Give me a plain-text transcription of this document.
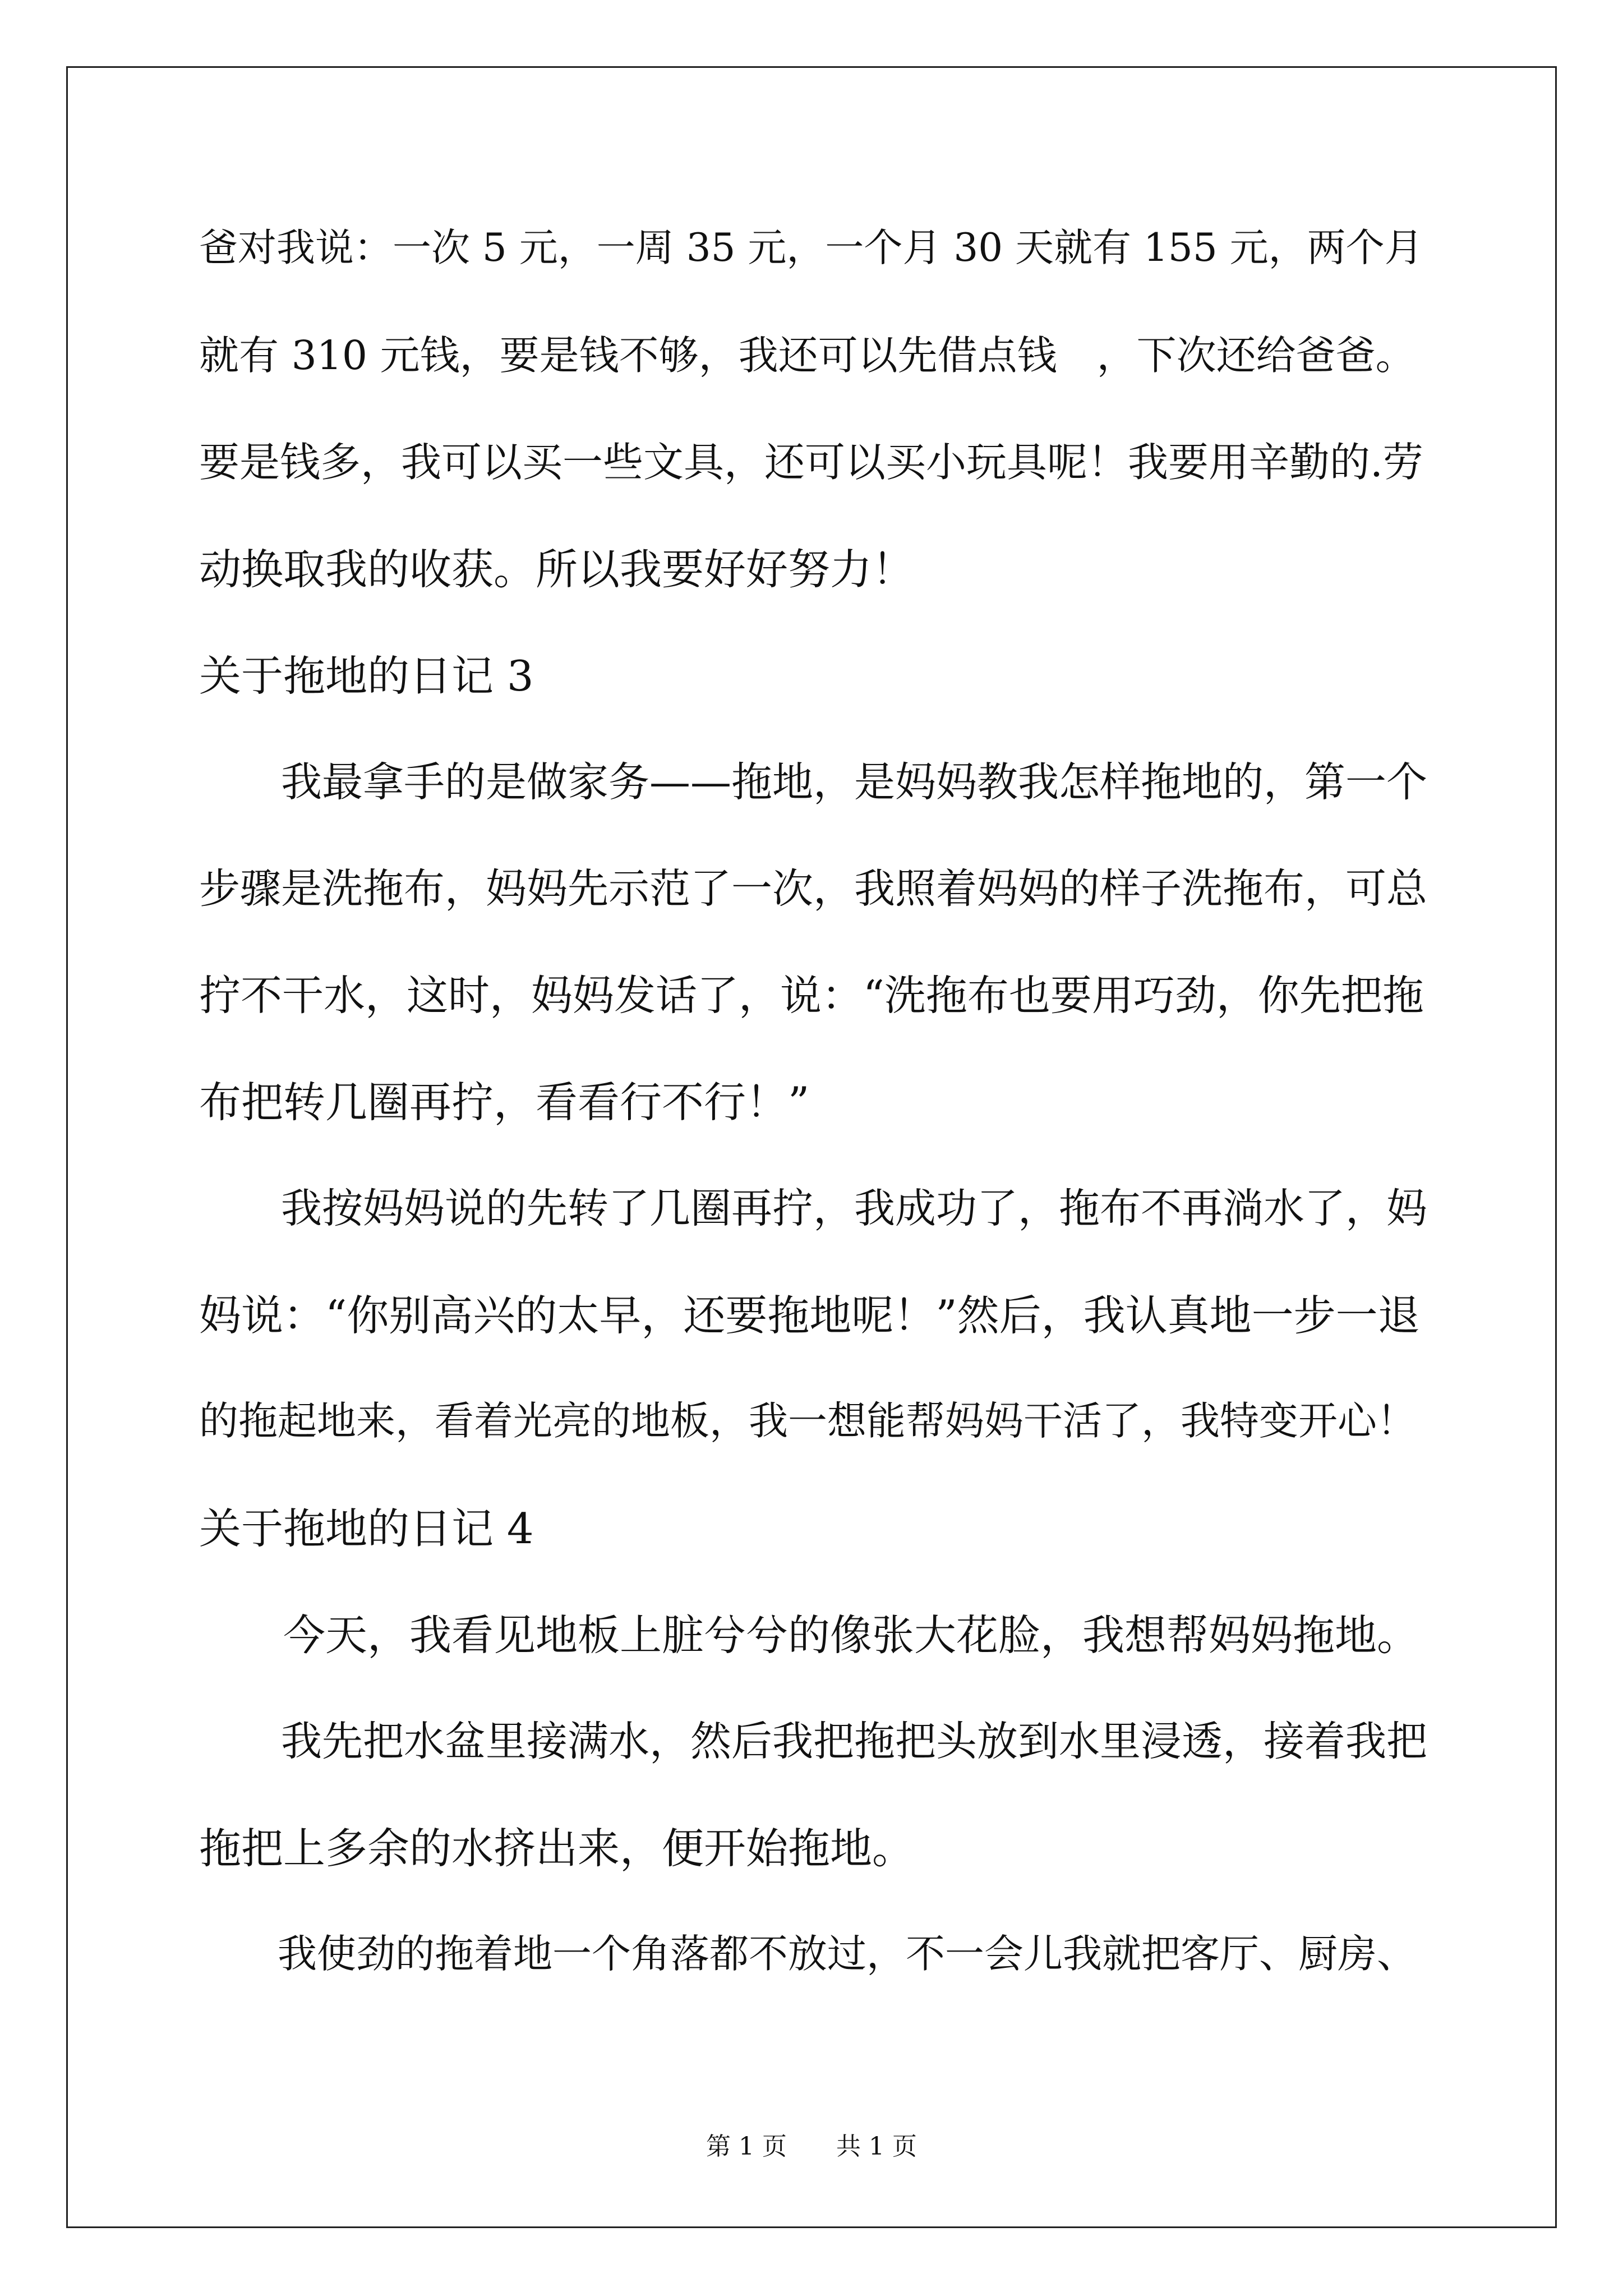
爸对我说：一次 5 元，一周 35 元，一个月 30 天就有 155 元，两个月
就有 310 元钱，要是钱不够，我还可以先借点钱　，下次还给爸爸。
要是钱多，我可以买一些文具，还可以买小玩具呢！我要用辛勤的.劳
动换取我的收获。所以我要好好努力！
关于拖地的日记 3
　　我最拿手的是做家务——拖地，是妈妈教我怎样拖地的，第一个
步骤是洗拖布，妈妈先示范了一次，我照着妈妈的样子洗拖布，可总
拧不干水，这时，妈妈发话了，说：“洗拖布也要用巧劲，你先把拖
布把转几圈再拧，看看行不行！”
　　我按妈妈说的先转了几圈再拧，我成功了，拖布不再淌水了，妈
妈说：“你别高兴的太早，还要拖地呢！”然后，我认真地一步一退
的拖起地来，看着光亮的地板，我一想能帮妈妈干活了，我特变开心！
关于拖地的日记 4
　　今天，我看见地板上脏兮兮的像张大花脸，我想帮妈妈拖地。
　　我先把水盆里接满水，然后我把拖把头放到水里浸透，接着我把
拖把上多余的水挤出来，便开始拖地。
　　我使劲的拖着地一个角落都不放过，不一会儿我就把客厅、厨房、
第 1 页 共 1 页
